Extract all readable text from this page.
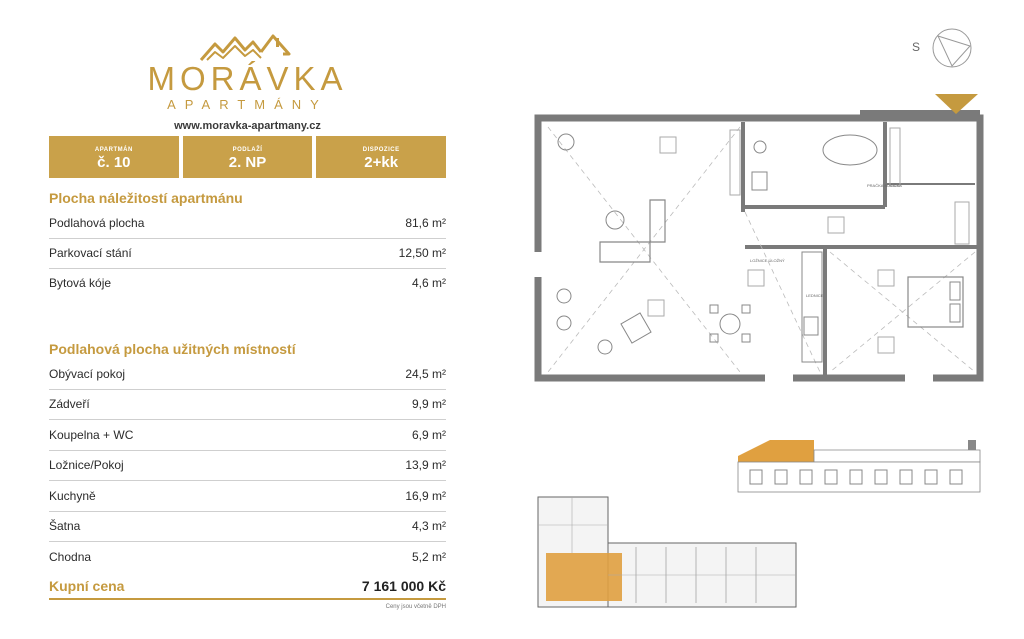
MORÁVKA
APARTMÁNY
www.moravka-apartmany.cz
APARTMÁN
č. 10
PODLAŽÍ
2. NP
DISPOZICE
2+kk
Plocha náležitostí apartmánu
Podlahová plocha	81,6 m²
Parkovací stání	12,50 m²
Bytová kóje	4,6 m²
Podlahová plocha užitných místností
Obývací pokoj	24,5 m²
Zádveří	9,9 m²
Koupelna + WC	6,9 m²
Ložnice/Pokoj	13,9 m²
Kuchyně	16,9 m²
Šatna	4,3 m²
Chodna	5,2 m²
Kupní cena	7 161 000 Kč
Ceny jsou včetně DPH
S
LOŽNICE ÚLOŽNÝ
PRAČKA SUŠIČKA
LEDNICE
